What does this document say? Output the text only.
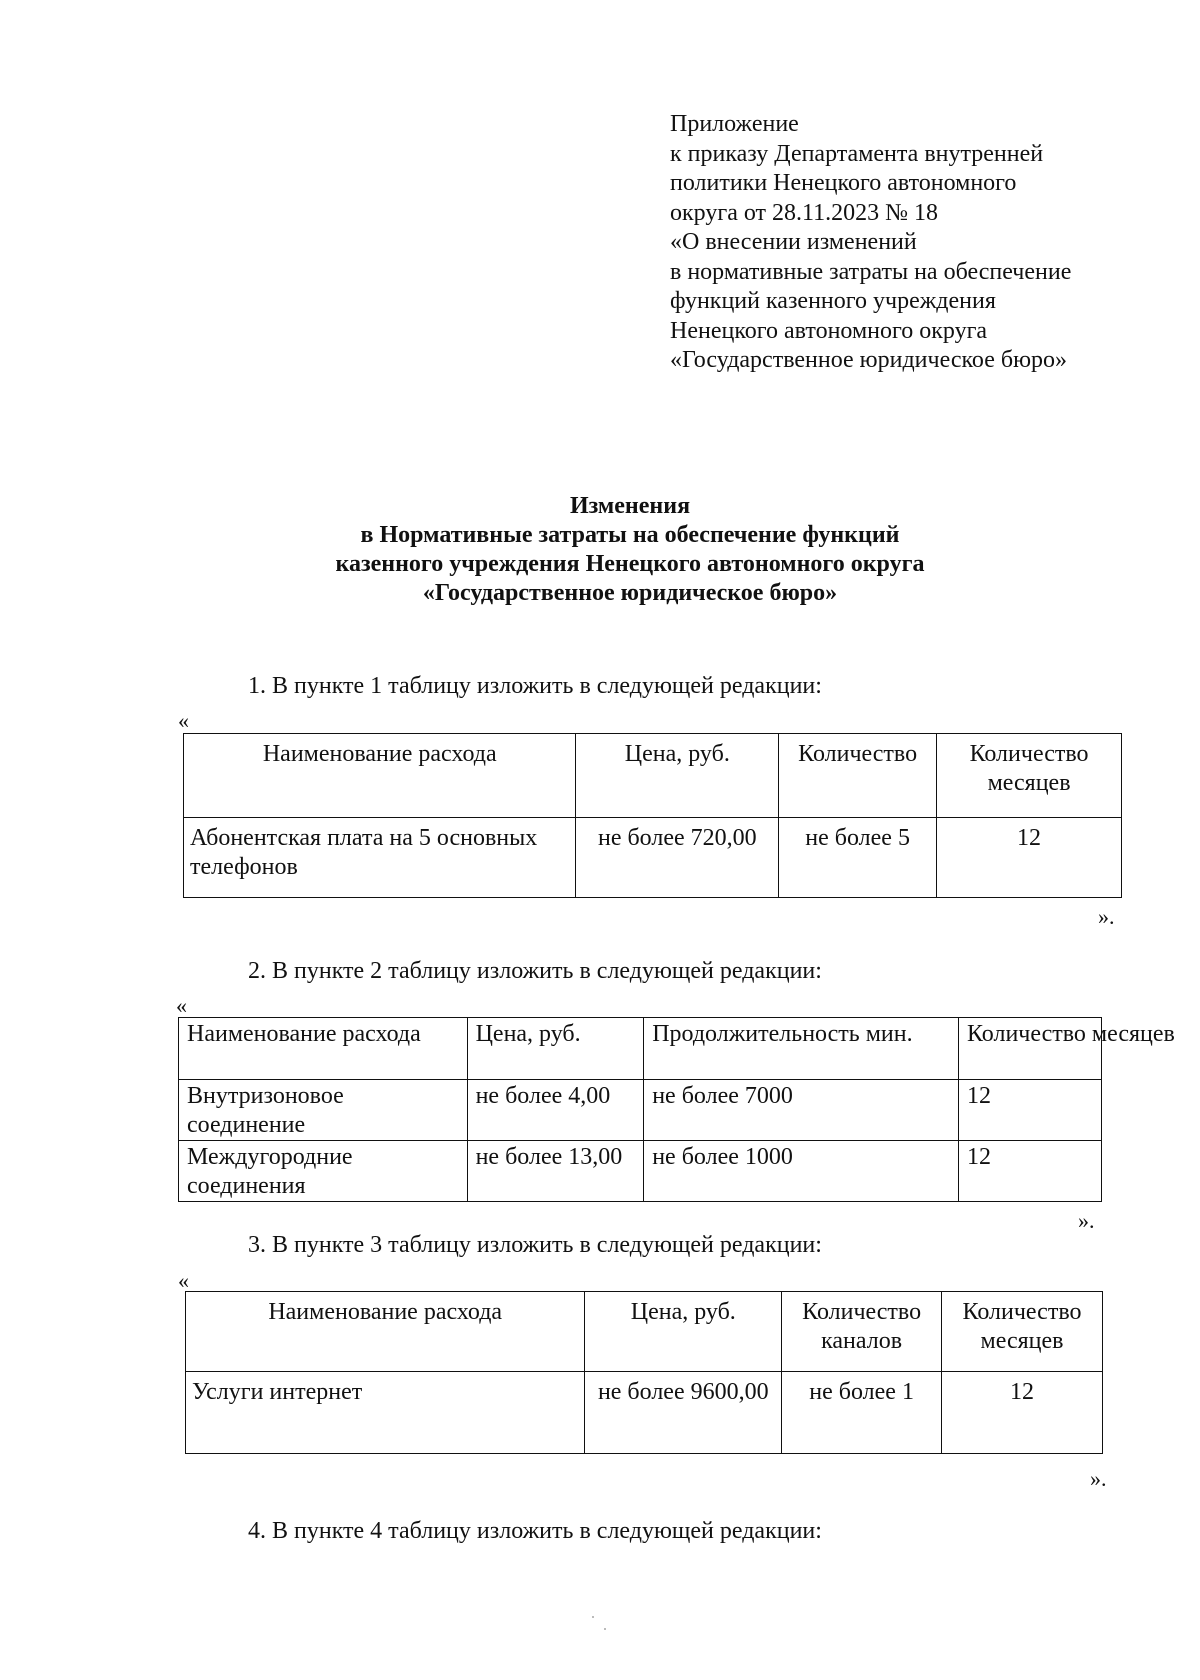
Приложение
к приказу Департамента внутренней
политики Ненецкого автономного
округа от 28.11.2023 № 18
«О внесении изменений
в нормативные затраты на обеспечение
функций казенного учреждения
Ненецкого автономного округа
«Государственное юридическое бюро»
Изменения
в Нормативные затраты на обеспечение функций
казенного учреждения Ненецкого автономного округа
«Государственное юридическое бюро»
1. В пункте 1 таблицу изложить в следующей редакции:
«
Наименование расхода	Цена, руб.	Количество	Количество месяцев
Абонентская плата на 5 основных телефонов	не более 720,00	не более 5	12
».
2. В пункте 2 таблицу изложить в следующей редакции:
«
Наименование расхода	Цена, руб.	Продолжительность мин.	Количество месяцев

Внутризоновое соединение	не более 4,00	не более 7000	12
Междугородние соединения	не более 13,00	не более 1000	12
».
3. В пункте 3 таблицу изложить в следующей редакции:
«
Наименование расхода	Цена, руб.	Количество каналов	Количество месяцев
Услуги интернет	не более 9600,00	не более 1	12
».
4. В пункте 4 таблицу изложить в следующей редакции:
